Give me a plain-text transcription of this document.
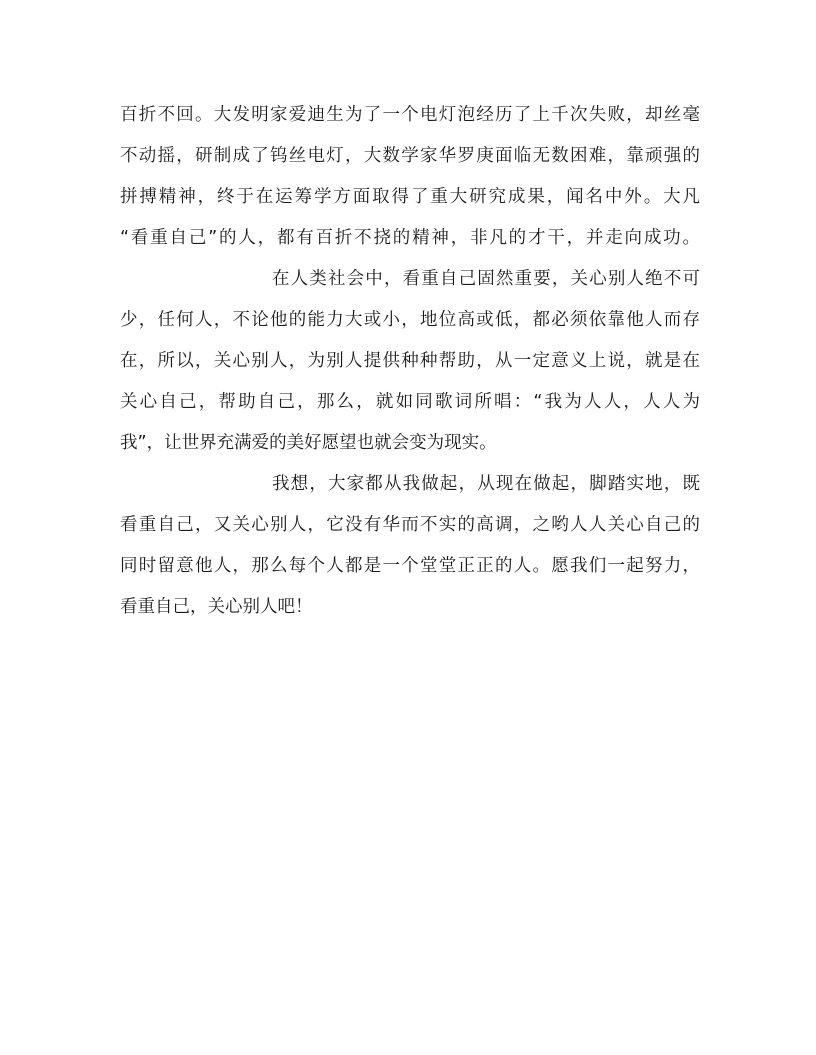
百折不回。大发明家爱迪生为了一个电灯泡经历了上千次失败，却丝毫
不动摇，研制成了钨丝电灯，大数学家华罗庚面临无数困难，靠顽强的
拼搏精神，终于在运筹学方面取得了重大研究成果，闻名中外。大凡
“看重自己”的人，都有百折不挠的精神，非凡的才干，并走向成功。
在人类社会中，看重自己固然重要，关心别人绝不可
少，任何人，不论他的能力大或小，地位高或低，都必须依靠他人而存
在，所以，关心别人，为别人提供种种帮助，从一定意义上说，就是在
关心自己，帮助自己，那么，就如同歌词所唱：“我为人人，人人为
我”，让世界充满爱的美好愿望也就会变为现实。
我想，大家都从我做起，从现在做起，脚踏实地，既
看重自己，又关心别人，它没有华而不实的高调，之哟人人关心自己的
同时留意他人，那么每个人都是一个堂堂正正的人。愿我们一起努力，
看重自己，关心别人吧！
